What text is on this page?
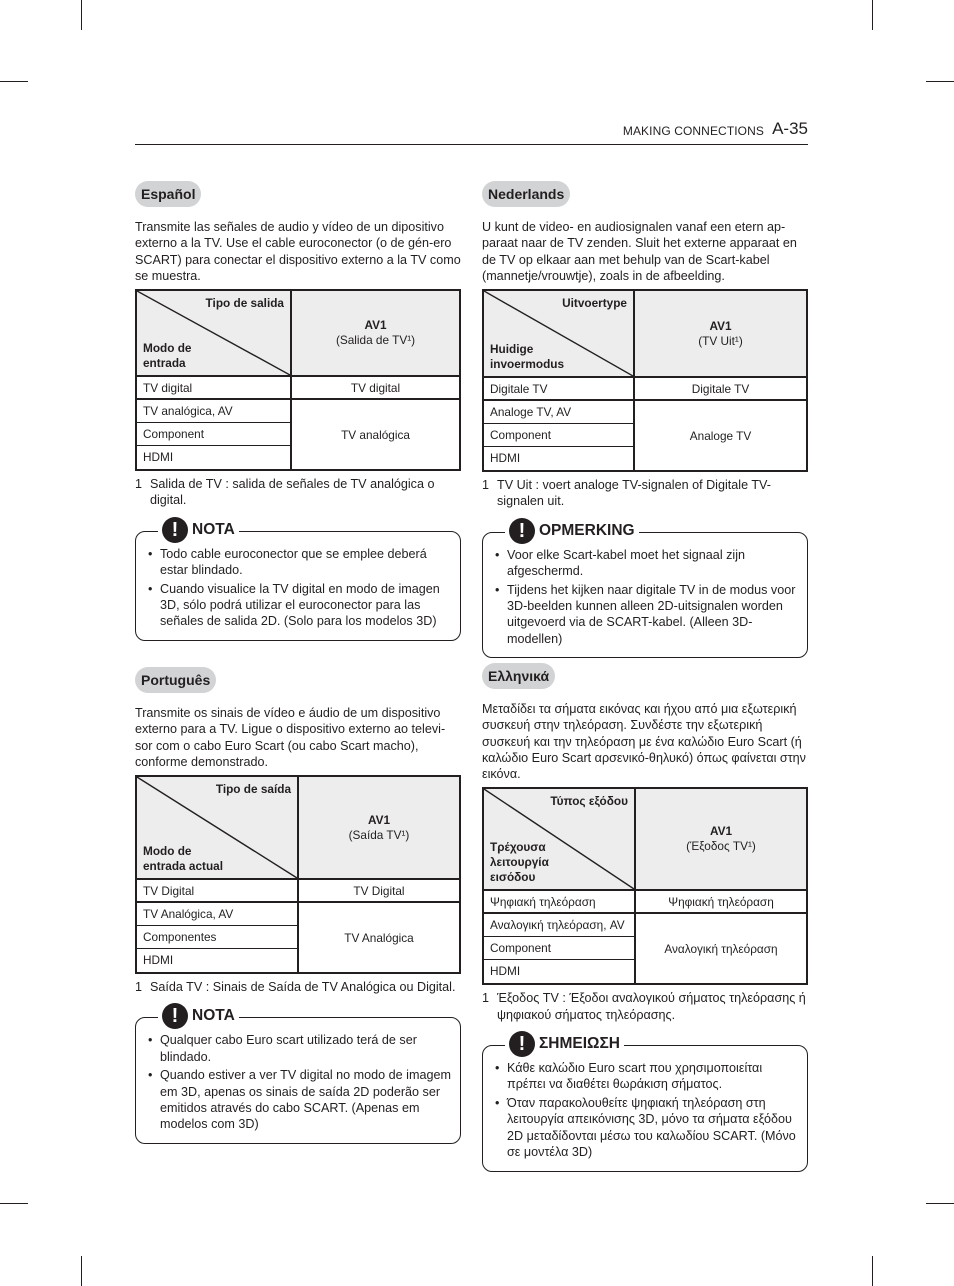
MAKING CONNECTIONS A-35
Español

Transmite las señales de audio y vídeo de un dipositivo externo a la TV. Use el cable euroconector (o de gén-ero SCART) para conectar el dispositivo externo a la TV como se muestra.

Tipo de salida
Modo de
entrada
AV1
(Salida de TV¹)
TV digital
TV analógica, AV
Component
HDMI
TV digital
TV analógica
1 Salida de TV : salida de señales de TV analógica o digital.
! NOTA
• Todo cable euroconector que se emplee deberá estar blindado.
• Cuando visualice la TV digital en modo de imagen 3D, sólo podrá utilizar el euroconector para las señales de salida 2D. (Solo para los modelos 3D)
Português

Transmite os sinais de vídeo e áudio de um dispositivo externo para a TV. Ligue o dispositivo externo ao televi-sor com o cabo Euro Scart (ou cabo Scart macho), conforme demonstrado.

Tipo de saída
Modo de
entrada actual
AV1
(Saída TV¹)
TV Digital
TV Analógica, AV
Componentes
HDMI
TV Digital
TV Analógica
1 Saída TV : Sinais de Saída de TV Analógica ou Digital.
! NOTA
• Qualquer cabo Euro scart utilizado terá de ser blindado.
• Quando estiver a ver TV digital no modo de imagem em 3D, apenas os sinais de saída 2D poderão ser emitidos através do cabo SCART. (Apenas em modelos com 3D)
Nederlands

U kunt de video- en audiosignalen vanaf een etern ap-paraat naar de TV zenden. Sluit het externe apparaat en de TV op elkaar aan met behulp van de Scart-kabel (mannetje/vrouwtje), zoals in de afbeelding.

Uitvoertype
Huidige
invoermodus
AV1
(TV Uit¹)
Digitale TV
Analoge TV, AV
Component
HDMI
Digitale TV
Analoge TV
1 TV Uit : voert analoge TV-signalen of Digitale TV-signalen uit.
! OPMERKING
• Voor elke Scart-kabel moet het signaal zijn afgeschermd.
• Tijdens het kijken naar digitale TV in de modus voor 3D-beelden kunnen alleen 2D-uitsignalen worden uitgevoerd via de SCART-kabel. (Alleen 3D-modellen)
Ελληνικά

Μεταδίδει τα σήματα εικόνας και ήχου από μια εξωτερική συσκευή στην τηλεόραση. Συνδέστε την εξωτερική συσκευή και την τηλεόραση με ένα καλώδιο Euro Scart (ή καλώδιο Euro Scart αρσενικό-θηλυκό) όπως φαίνεται στην εικόνα.

Τύπος εξόδου
Τρέχουσα
λειτουργία
εισόδου
AV1
(Έξοδος TV¹)
Ψηφιακή τηλεόραση
Αναλογική τηλεόραση, AV
Component
HDMI
Ψηφιακή τηλεόραση
Αναλογική τηλεόραση
1 Έξοδος TV : Έξοδοι αναλογικού σήματος τηλεόρασης ή ψηφιακού σήματος τηλεόρασης.
! ΣΗΜΕΙΩΣΗ
• Κάθε καλώδιο Euro scart που χρησιμοποιείται πρέπει να διαθέτει θωράκιση σήματος.
• Όταν παρακολουθείτε ψηφιακή τηλεόραση στη λειτουργία απεικόνισης 3D, μόνο τα σήματα εξόδου 2D μεταδίδονται μέσω του καλωδίου SCART. (Μόνο σε μοντέλα 3D)
